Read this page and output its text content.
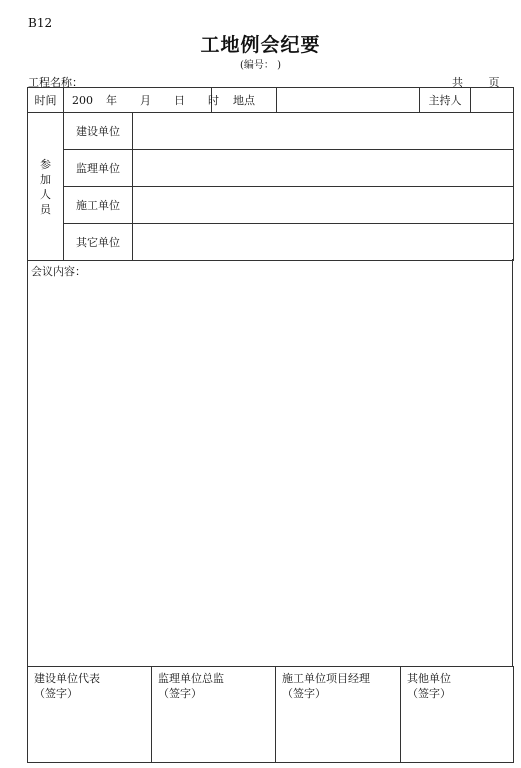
B12
工地例会纪要
(编号： )
工程名称：	共 页
时间	200 年 月 日 时		地点		主持人	

参
加
人
员	建设单位					
	监理单位					
	施工单位					
	其它单位					
会议内容：
建设单位代表
（签字）

监理单位总监
（签字）

施工单位项目经理
（签字）

其他单位
（签字）
